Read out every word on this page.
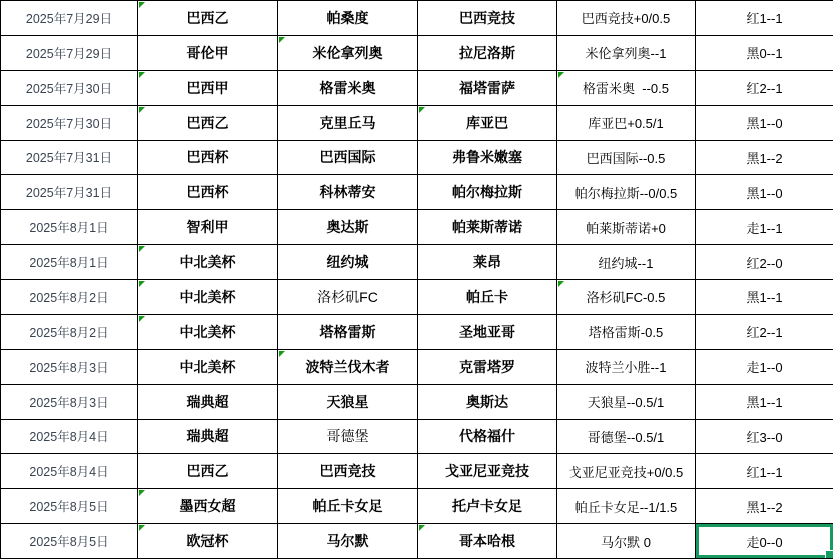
2025年7月29日	巴西乙	帕桑度	巴西竞技	巴西竞技+0/0.5	红1--1
2025年7月29日	哥伦甲	米伦拿列奥	拉尼洛斯	米伦拿列奥--1	黑0--1
2025年7月30日	巴西甲	格雷米奥	福塔雷萨	格雷米奥  --0.5	红2--1
2025年7月30日	巴西乙	克里丘马	库亚巴	库亚巴+0.5/1	黑1--0
2025年7月31日	巴西杯	巴西国际	弗鲁米嫩塞	巴西国际--0.5	黑1--2
2025年7月31日	巴西杯	科林蒂安	帕尔梅拉斯	帕尔梅拉斯--0/0.5	黑1--0
2025年8月1日	智利甲	奥达斯	帕莱斯蒂诺	帕莱斯蒂诺+0	走1--1
2025年8月1日	中北美杯	纽约城	莱昂	纽约城--1	红2--0
2025年8月2日	中北美杯	洛杉矶FC	帕丘卡	洛杉矶FC-0.5	黑1--1
2025年8月2日	中北美杯	塔格雷斯	圣地亚哥	塔格雷斯-0.5	红2--1
2025年8月3日	中北美杯	波特兰伐木者	克雷塔罗	波特兰小胜--1	走1--0
2025年8月3日	瑞典超	天狼星	奥斯达	天狼星--0.5/1	黑1--1
2025年8月4日	瑞典超	哥德堡	代格福什	哥德堡--0.5/1	红3--0
2025年8月4日	巴西乙	巴西竞技	戈亚尼亚竞技	戈亚尼亚竞技+0/0.5	红1--1
2025年8月5日	墨西女超	帕丘卡女足	托卢卡女足	帕丘卡女足--1/1.5	黑1--2
2025年8月5日	欧冠杯	马尔默	哥本哈根	马尔默 0	走0--0
